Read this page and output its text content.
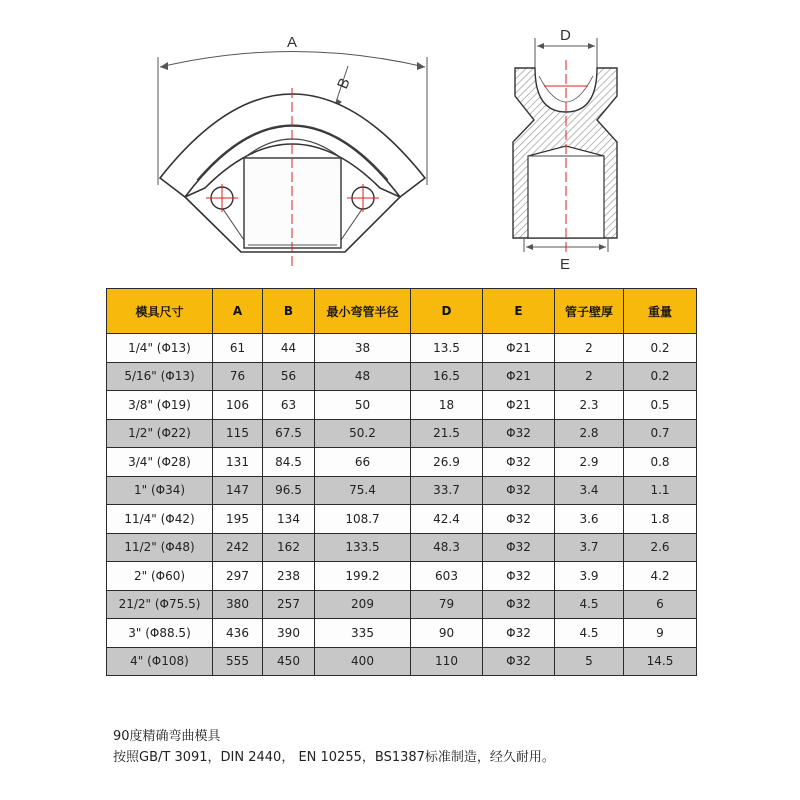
A
B
D
E
模具尺寸	A	B	最小弯管半径	D	E	管子壁厚	重量
1/4" (Φ13)	61	44	38	13.5	Φ21	2	0.2
5/16" (Φ13)	76	56	48	16.5	Φ21	2	0.2
3/8" (Φ19)	106	63	50	18	Φ21	2.3	0.5
1/2" (Φ22)	115	67.5	50.2	21.5	Φ32	2.8	0.7
3/4" (Φ28)	131	84.5	66	26.9	Φ32	2.9	0.8
1" (Φ34)	147	96.5	75.4	33.7	Φ32	3.4	1.1
11/4" (Φ42)	195	134	108.7	42.4	Φ32	3.6	1.8
11/2" (Φ48)	242	162	133.5	48.3	Φ32	3.7	2.6
2" (Φ60)	297	238	199.2	603	Φ32	3.9	4.2
21/2" (Φ75.5)	380	257	209	79	Φ32	4.5	6
3" (Φ88.5)	436	390	335	90	Φ32	4.5	9
4" (Φ108)	555	450	400	110	Φ32	5	14.5
90度精确弯曲模具
按照GB/T 3091，DIN 2440， EN 10255，BS1387标准制造，经久耐用。
